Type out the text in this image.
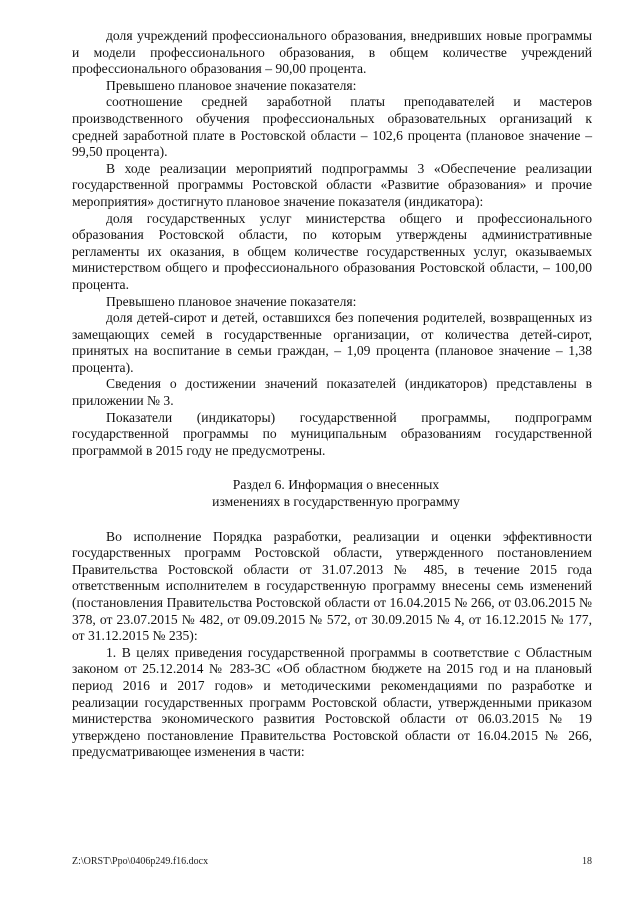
доля учреждений профессионального образования, внедривших новые программы и модели профессионального образования, в общем количестве учреждений профессионального образования – 90,00 процента.

Превышено плановое значение показателя:

соотношение средней заработной платы преподавателей и мастеров производственного обучения профессиональных образовательных организаций к средней заработной плате в Ростовской области – 102,6 процента (плановое значение – 99,50 процента).

В ходе реализации мероприятий подпрограммы 3 «Обеспечение реализации государственной программы Ростовской области «Развитие образования» и прочие мероприятия» достигнуто плановое значение показателя (индикатора):

доля государственных услуг министерства общего и профессионального образования Ростовской области, по которым утверждены административные регламенты их оказания, в общем количестве государственных услуг, оказываемых министерством общего и профессионального образования Ростовской области, – 100,00 процента.

Превышено плановое значение показателя:

доля детей-сирот и детей, оставшихся без попечения родителей, возвращенных из замещающих семей в государственные организации, от количества детей-сирот, принятых на воспитание в семьи граждан, – 1,09 процента (плановое значение – 1,38 процента).

Сведения о достижении значений показателей (индикаторов) представлены в приложении № 3.

Показатели (индикаторы) государственной программы, подпрограмм государственной программы по муниципальным образованиям государственной программой в 2015 году не предусмотрены.

Раздел 6. Информация о внесенных

изменениях в государственную программу

Во исполнение Порядка разработки, реализации и оценки эффективности государственных программ Ростовской области, утвержденного постановлением Правительства Ростовской области от 31.07.2013 № 485, в течение 2015 года ответственным исполнителем в государственную программу внесены семь изменений (постановления Правительства Ростовской области от 16.04.2015 № 266, от 03.06.2015 № 378, от 23.07.2015 № 482, от 09.09.2015 № 572, от 30.09.2015 № 4, от 16.12.2015 № 177, от 31.12.2015 № 235):

1. В целях приведения государственной программы в соответствие с Областным законом от 25.12.2014 № 283-ЗС «Об областном бюджете на 2015 год и на плановый период 2016 и 2017 годов» и методическими рекомендациями по разработке и реализации государственных программ Ростовской области, утвержденными приказом министерства экономического развития Ростовской области от 06.03.2015 № 19 утверждено постановление Правительства Ростовской области от 16.04.2015 № 266, предусматривающее изменения в части:

Z:\ORST\Ppo\0406p249.f16.docx	18
